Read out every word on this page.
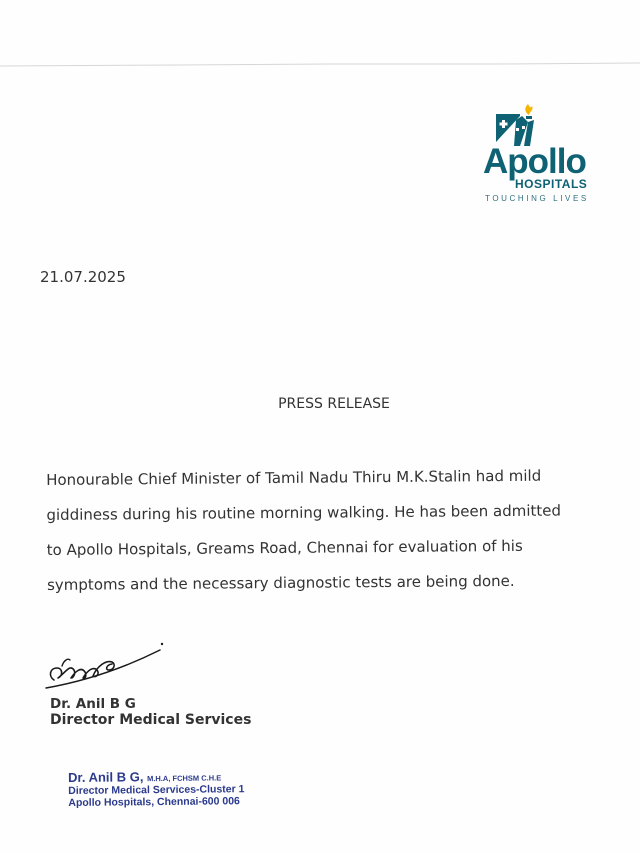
Apollo
HOSPITALS
TOUCHING LIVES
21.07.2025
PRESS RELEASE
Honourable Chief Minister of Tamil Nadu Thiru M.K.Stalin had mild
giddiness during his routine morning walking. He has been admitted
to Apollo Hospitals, Greams Road, Chennai for evaluation of his
symptoms and the necessary diagnostic tests are being done.
Dr. Anil B G
Director Medical Services
Dr. Anil B G, M.H.A, FCHSM C.H.E
Director Medical Services-Cluster 1
Apollo Hospitals, Chennai-600 006
